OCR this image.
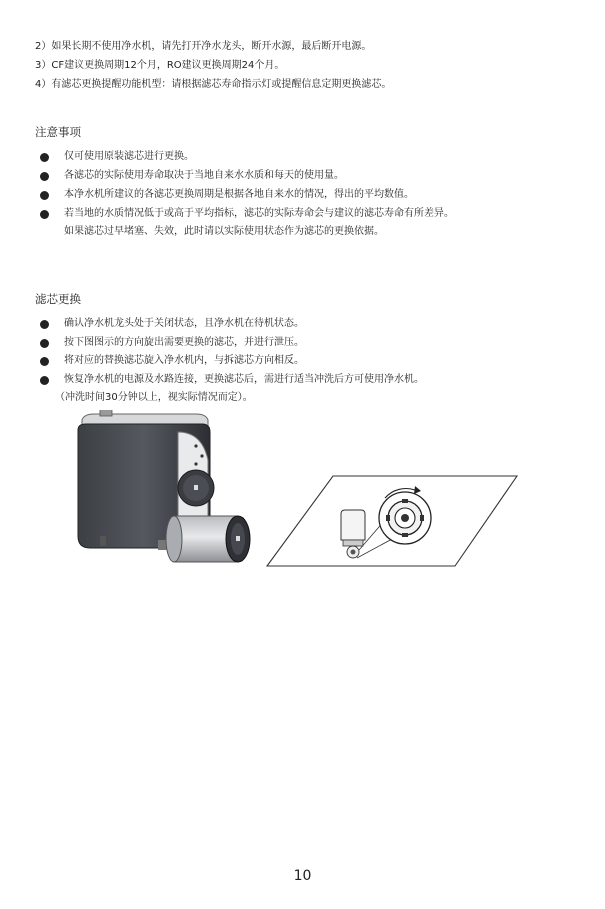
2）如果长期不使用净水机，请先打开净水龙头，断开水源，最后断开电源。
3）CF建议更换周期12个月，RO建议更换周期24个月。
4）有滤芯更换提醒功能机型：请根据滤芯寿命指示灯或提醒信息定期更换滤芯。
注意事项
仅可使用原装滤芯进行更换。
各滤芯的实际使用寿命取决于当地自来水水质和每天的使用量。
本净水机所建议的各滤芯更换周期是根据各地自来水的情况，得出的平均数值。
若当地的水质情况低于或高于平均指标，滤芯的实际寿命会与建议的滤芯寿命有所差异。
如果滤芯过早堵塞、失效，此时请以实际使用状态作为滤芯的更换依据。
滤芯更换
确认净水机龙头处于关闭状态，且净水机在待机状态。
按下图图示的方向旋出需要更换的滤芯，并进行泄压。
将对应的替换滤芯旋入净水机内，与拆滤芯方向相反。
恢复净水机的电源及水路连接，更换滤芯后，需进行适当冲洗后方可使用净水机。
（冲洗时间30分钟以上，视实际情况而定）。
10
